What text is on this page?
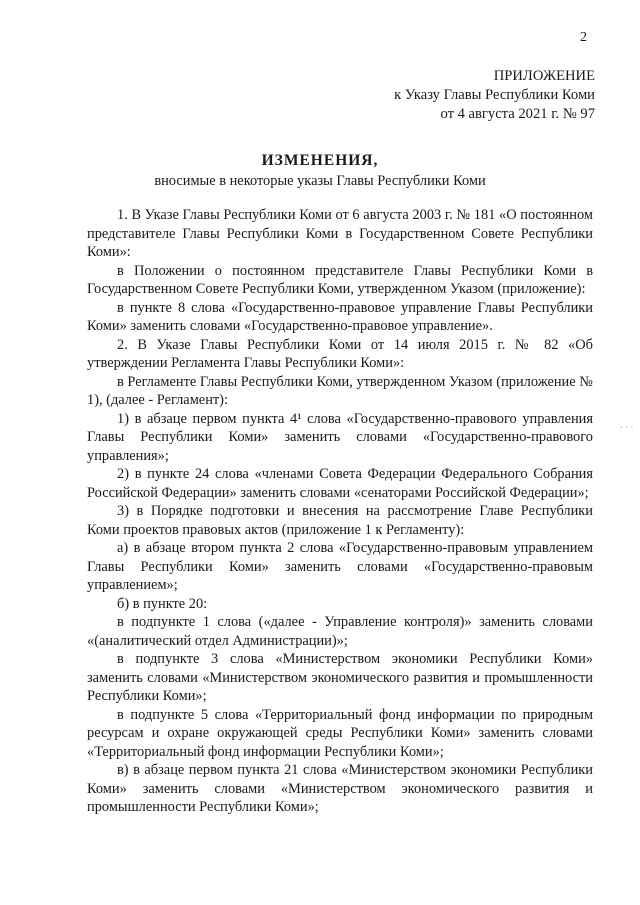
2
ПРИЛОЖЕНИЕ
к Указу Главы Республики Коми
от 4 августа 2021 г. № 97
ИЗМЕНЕНИЯ,
вносимые в некоторые указы Главы Республики Коми

1. В Указе Главы Республики Коми от 6 августа 2003 г. № 181 «О постоянном представителе Главы Республики Коми в Государственном Совете Республики Коми»:

в Положении о постоянном представителе Главы Республики Коми в Государственном Совете Республики Коми, утвержденном Указом (приложение):

в пункте 8 слова «Государственно-правовое управление Главы Республики Коми» заменить словами «Государственно-правовое управление».

2. В Указе Главы Республики Коми от 14 июля 2015 г. № 82 «Об утверждении Регламента Главы Республики Коми»:

в Регламенте Главы Республики Коми, утвержденном Указом (приложение № 1), (далее - Регламент):

1) в абзаце первом пункта 4¹ слова «Государственно-правового управления Главы Республики Коми» заменить словами «Государственно-правового управления»;

2) в пункте 24 слова «членами Совета Федерации Федерального Собрания Российской Федерации» заменить словами «сенаторами Российской Федерации»;

3) в Порядке подготовки и внесения на рассмотрение Главе Республики Коми проектов правовых актов (приложение 1 к Регламенту):

а) в абзаце втором пункта 2 слова «Государственно-правовым управлением Главы Республики Коми» заменить словами «Государственно-правовым управлением»;

б) в пункте 20:

в подпункте 1 слова («далее - Управление контроля)» заменить словами «(аналитический отдел Администрации)»;

в подпункте 3 слова «Министерством экономики Республики Коми» заменить словами «Министерством экономического развития и промышленности Республики Коми»;

в подпункте 5 слова «Территориальный фонд информации по природным ресурсам и охране окружающей среды Республики Коми» заменить словами «Территориальный фонд информации Республики Коми»;

в) в абзаце первом пункта 21 слова «Министерством экономики Республики Коми» заменить словами «Министерством экономического развития и промышленности Республики Коми»;

· · ·
